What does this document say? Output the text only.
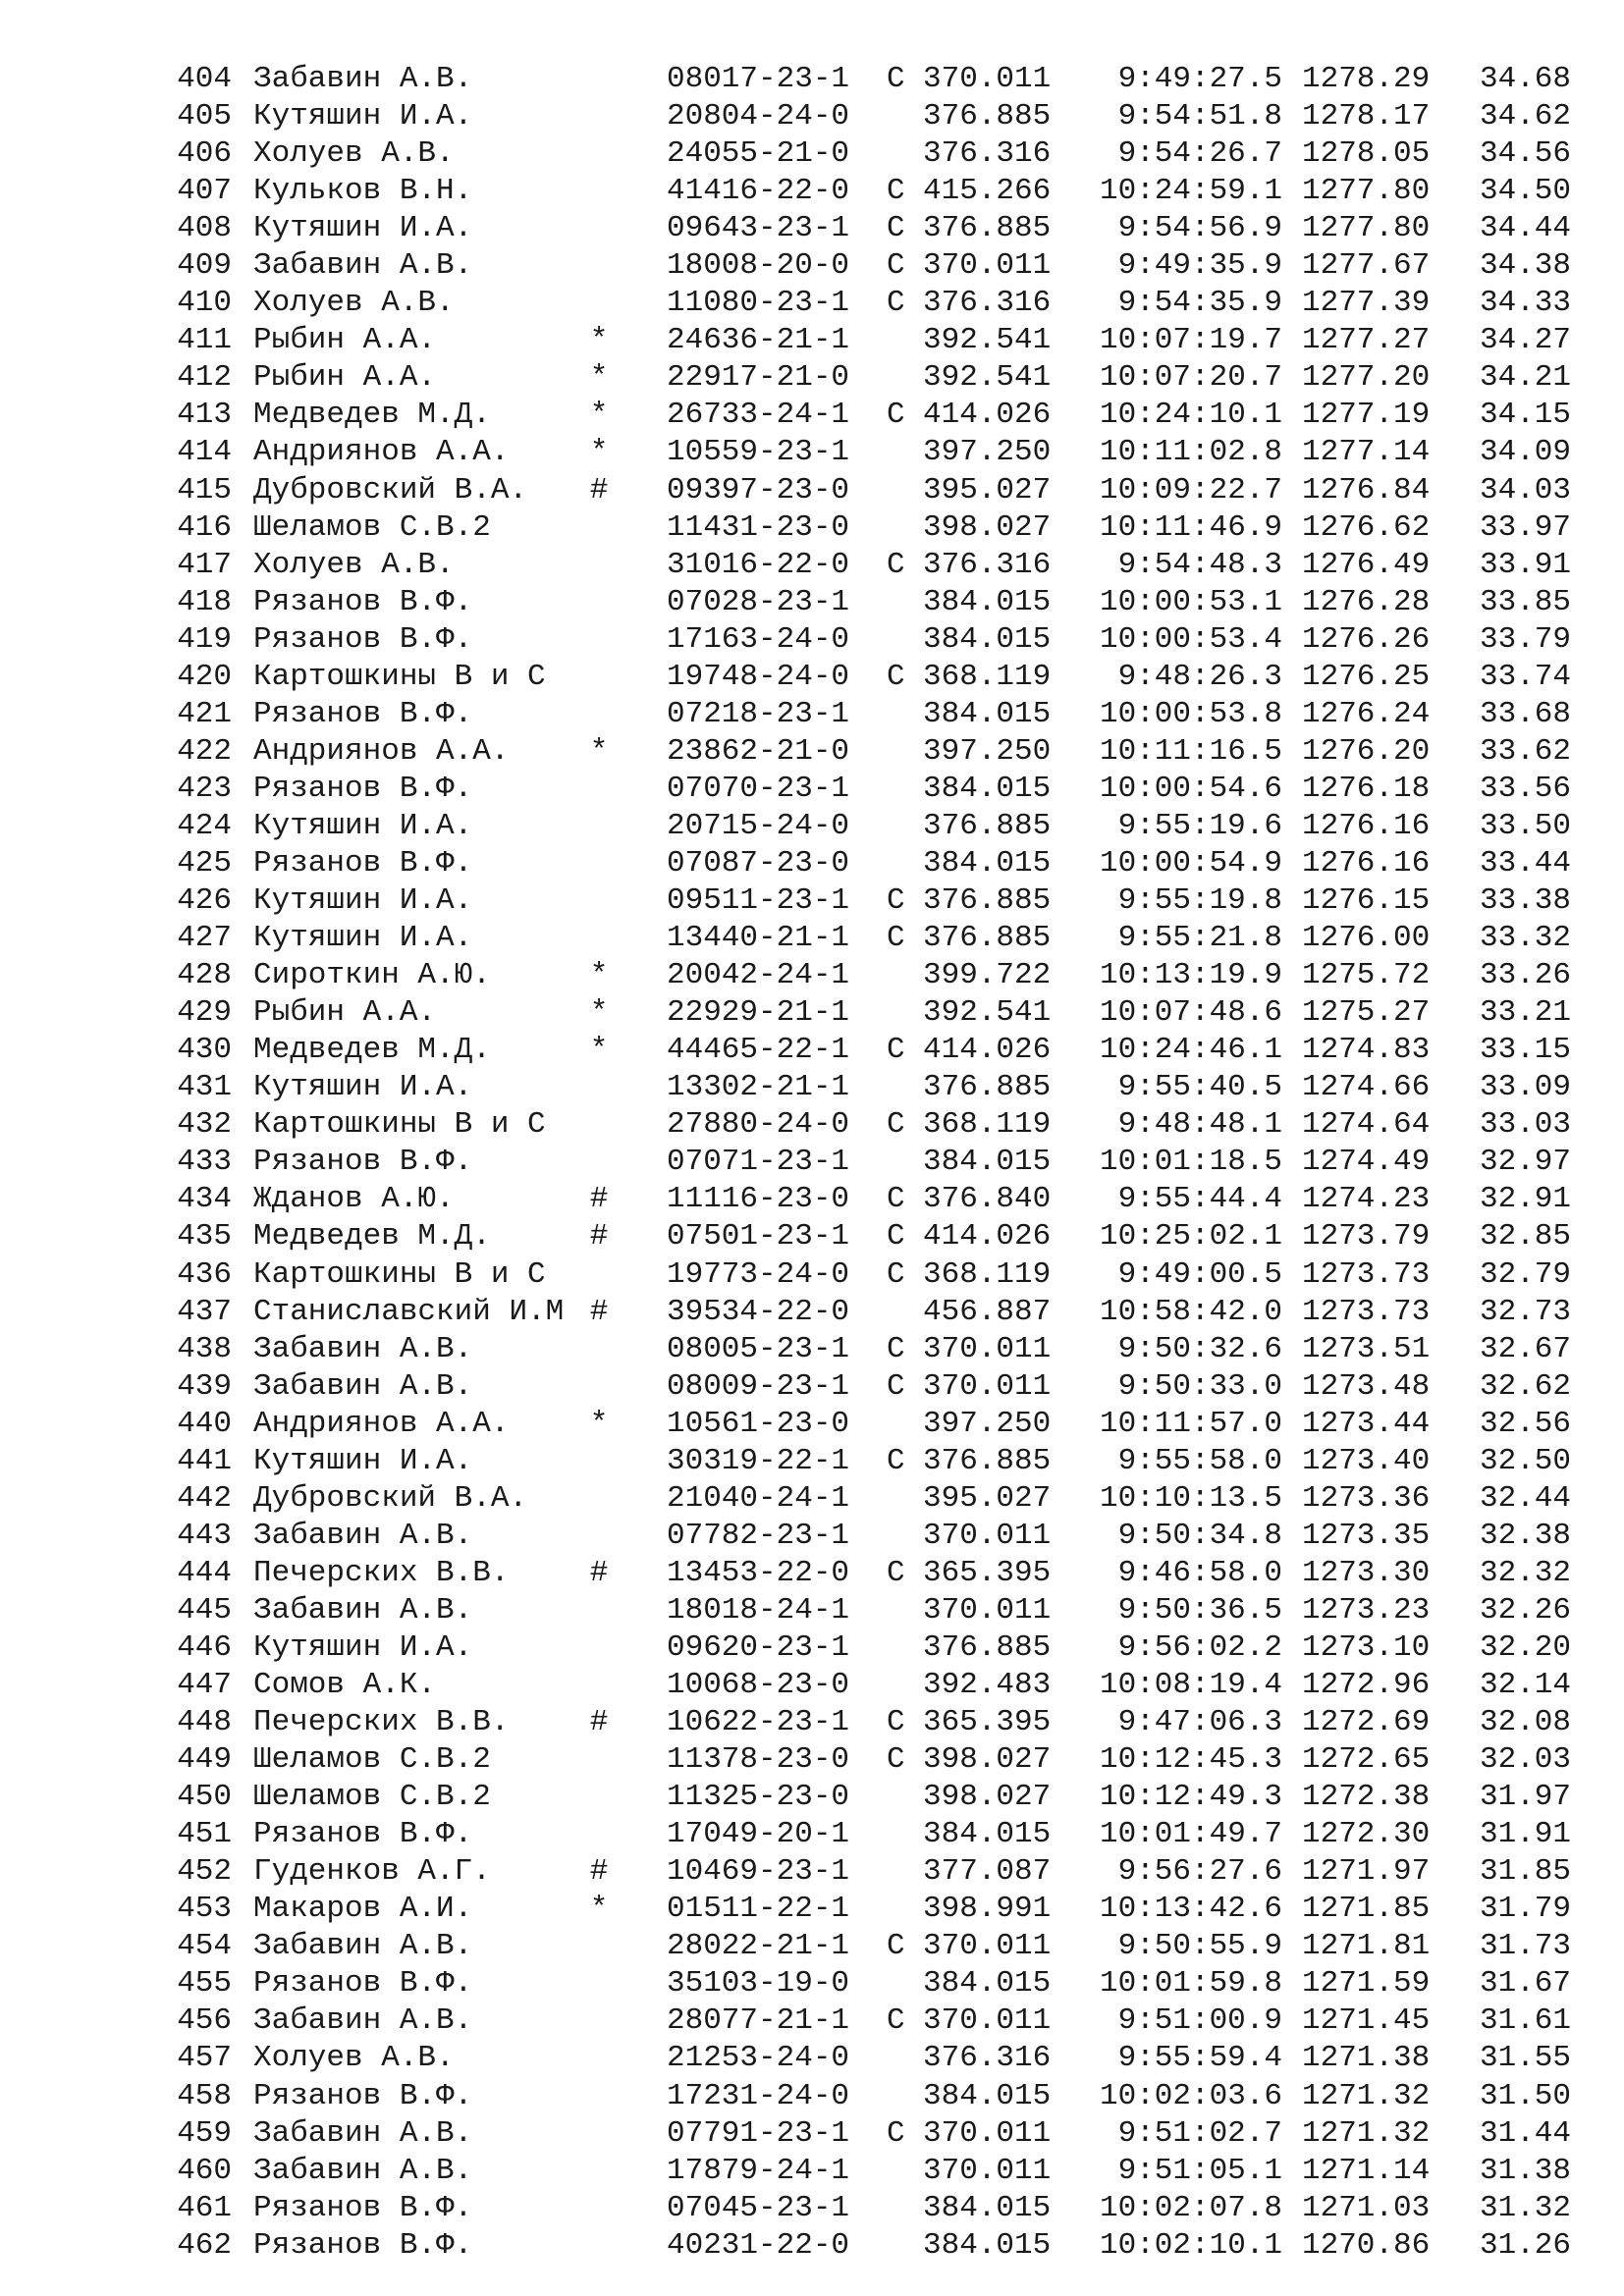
404 Забавин А.В.	08017-23-1 C 370.011	9:49:27.5 1278.29 34.68
405 Кутяшин И.А.	20804-24-0 376.885	9:54:51.8 1278.17 34.62
406 Холуев А.В.	24055-21-0 376.316	9:54:26.7 1278.05 34.56
407 Кульков В.Н.	41416-22-0 C 415.266	10:24:59.1 1277.80 34.50
408 Кутяшин И.А.	09643-23-1 C 376.885	9:54:56.9 1277.80 34.44
409 Забавин А.В.	18008-20-0 C 370.011	9:49:35.9 1277.67 34.38
410 Холуев А.В.	11080-23-1 C 376.316	9:54:35.9 1277.39 34.33
411 Рыбин А.А.	* 24636-21-1 392.541	10:07:19.7 1277.27 34.27
412 Рыбин А.А.	* 22917-21-0 392.541	10:07:20.7 1277.20 34.21
413 Медведев М.Д.	* 26733-24-1 C 414.026	10:24:10.1 1277.19 34.15
414 Андриянов А.А.	* 10559-23-1 397.250	10:11:02.8 1277.14 34.09
415 Дубровский В.А. # 09397-23-0 395.027	10:09:22.7 1276.84 34.03
416 Шеламов С.В.2	11431-23-0 398.027	10:11:46.9 1276.62 33.97
417 Холуев А.В.	31016-22-0 C 376.316	9:54:48.3 1276.49 33.91
418 Рязанов В.Ф.	07028-23-1 384.015	10:00:53.1 1276.28 33.85
419 Рязанов В.Ф.	17163-24-0 384.015	10:00:53.4 1276.26 33.79
420 Картошкины В и С	19748-24-0 C 368.119	9:48:26.3 1276.25 33.74
421 Рязанов В.Ф.	07218-23-1 384.015	10:00:53.8 1276.24 33.68
422 Андриянов А.А.	* 23862-21-0 397.250	10:11:16.5 1276.20 33.62
423 Рязанов В.Ф.	07070-23-1 384.015	10:00:54.6 1276.18 33.56
424 Кутяшин И.А.	20715-24-0 376.885	9:55:19.6 1276.16 33.50
425 Рязанов В.Ф.	07087-23-0 384.015	10:00:54.9 1276.16 33.44
426 Кутяшин И.А.	09511-23-1 C 376.885	9:55:19.8 1276.15 33.38
427 Кутяшин И.А.	13440-21-1 C 376.885	9:55:21.8 1276.00 33.32
428 Сироткин А.Ю.	* 20042-24-1 399.722	10:13:19.9 1275.72 33.26
429 Рыбин А.А.	* 22929-21-1 392.541	10:07:48.6 1275.27 33.21
430 Медведев М.Д.	* 44465-22-1 C 414.026	10:24:46.1 1274.83 33.15
431 Кутяшин И.А.	13302-21-1 376.885	9:55:40.5 1274.66 33.09
432 Картошкины В и С	27880-24-0 C 368.119	9:48:48.1 1274.64 33.03
433 Рязанов В.Ф.	07071-23-1 384.015	10:01:18.5 1274.49 32.97
434 Жданов А.Ю.	# 11116-23-0 C 376.840	9:55:44.4 1274.23 32.91
435 Медведев М.Д.	# 07501-23-1 C 414.026	10:25:02.1 1273.79 32.85
436 Картошкины В и С	19773-24-0 C 368.119	9:49:00.5 1273.73 32.79
437 Станиславский И.М # 39534-22-0 456.887	10:58:42.0 1273.73 32.73
438 Забавин А.В.	08005-23-1 C 370.011	9:50:32.6 1273.51 32.67
439 Забавин А.В.	08009-23-1 C 370.011	9:50:33.0 1273.48 32.62
440 Андриянов А.А.	* 10561-23-0 397.250	10:11:57.0 1273.44 32.56
441 Кутяшин И.А.	30319-22-1 C 376.885	9:55:58.0 1273.40 32.50
442 Дубровский В.А.	21040-24-1 395.027	10:10:13.5 1273.36 32.44
443 Забавин А.В.	07782-23-1 370.011	9:50:34.8 1273.35 32.38
444 Печерских В.В.	# 13453-22-0 C 365.395	9:46:58.0 1273.30 32.32
445 Забавин А.В.	18018-24-1 370.011	9:50:36.5 1273.23 32.26
446 Кутяшин И.А.	09620-23-1 376.885	9:56:02.2 1273.10 32.20
447 Сомов А.К.	10068-23-0 392.483	10:08:19.4 1272.96 32.14
448 Печерских В.В.	# 10622-23-1 C 365.395	9:47:06.3 1272.69 32.08
449 Шеламов С.В.2	11378-23-0 C 398.027	10:12:45.3 1272.65 32.03
450 Шеламов С.В.2	11325-23-0 398.027	10:12:49.3 1272.38 31.97
451 Рязанов В.Ф.	17049-20-1 384.015	10:01:49.7 1272.30 31.91
452 Гуденков А.Г.	# 10469-23-1 377.087	9:56:27.6 1271.97 31.85
453 Макаров А.И.	* 01511-22-1 398.991	10:13:42.6 1271.85 31.79
454 Забавин А.В.	28022-21-1 C 370.011	9:50:55.9 1271.81 31.73
455 Рязанов В.Ф.	35103-19-0 384.015	10:01:59.8 1271.59 31.67
456 Забавин А.В.	28077-21-1 C 370.011	9:51:00.9 1271.45 31.61
457 Холуев А.В.	21253-24-0 376.316	9:55:59.4 1271.38 31.55
458 Рязанов В.Ф.	17231-24-0 384.015	10:02:03.6 1271.32 31.50
459 Забавин А.В.	07791-23-1 C 370.011	9:51:02.7 1271.32 31.44
460 Забавин А.В.	17879-24-1 370.011	9:51:05.1 1271.14 31.38
461 Рязанов В.Ф.	07045-23-1 384.015	10:02:07.8 1271.03 31.32
462 Рязанов В.Ф.	40231-22-0 384.015	10:02:10.1 1270.86 31.26
